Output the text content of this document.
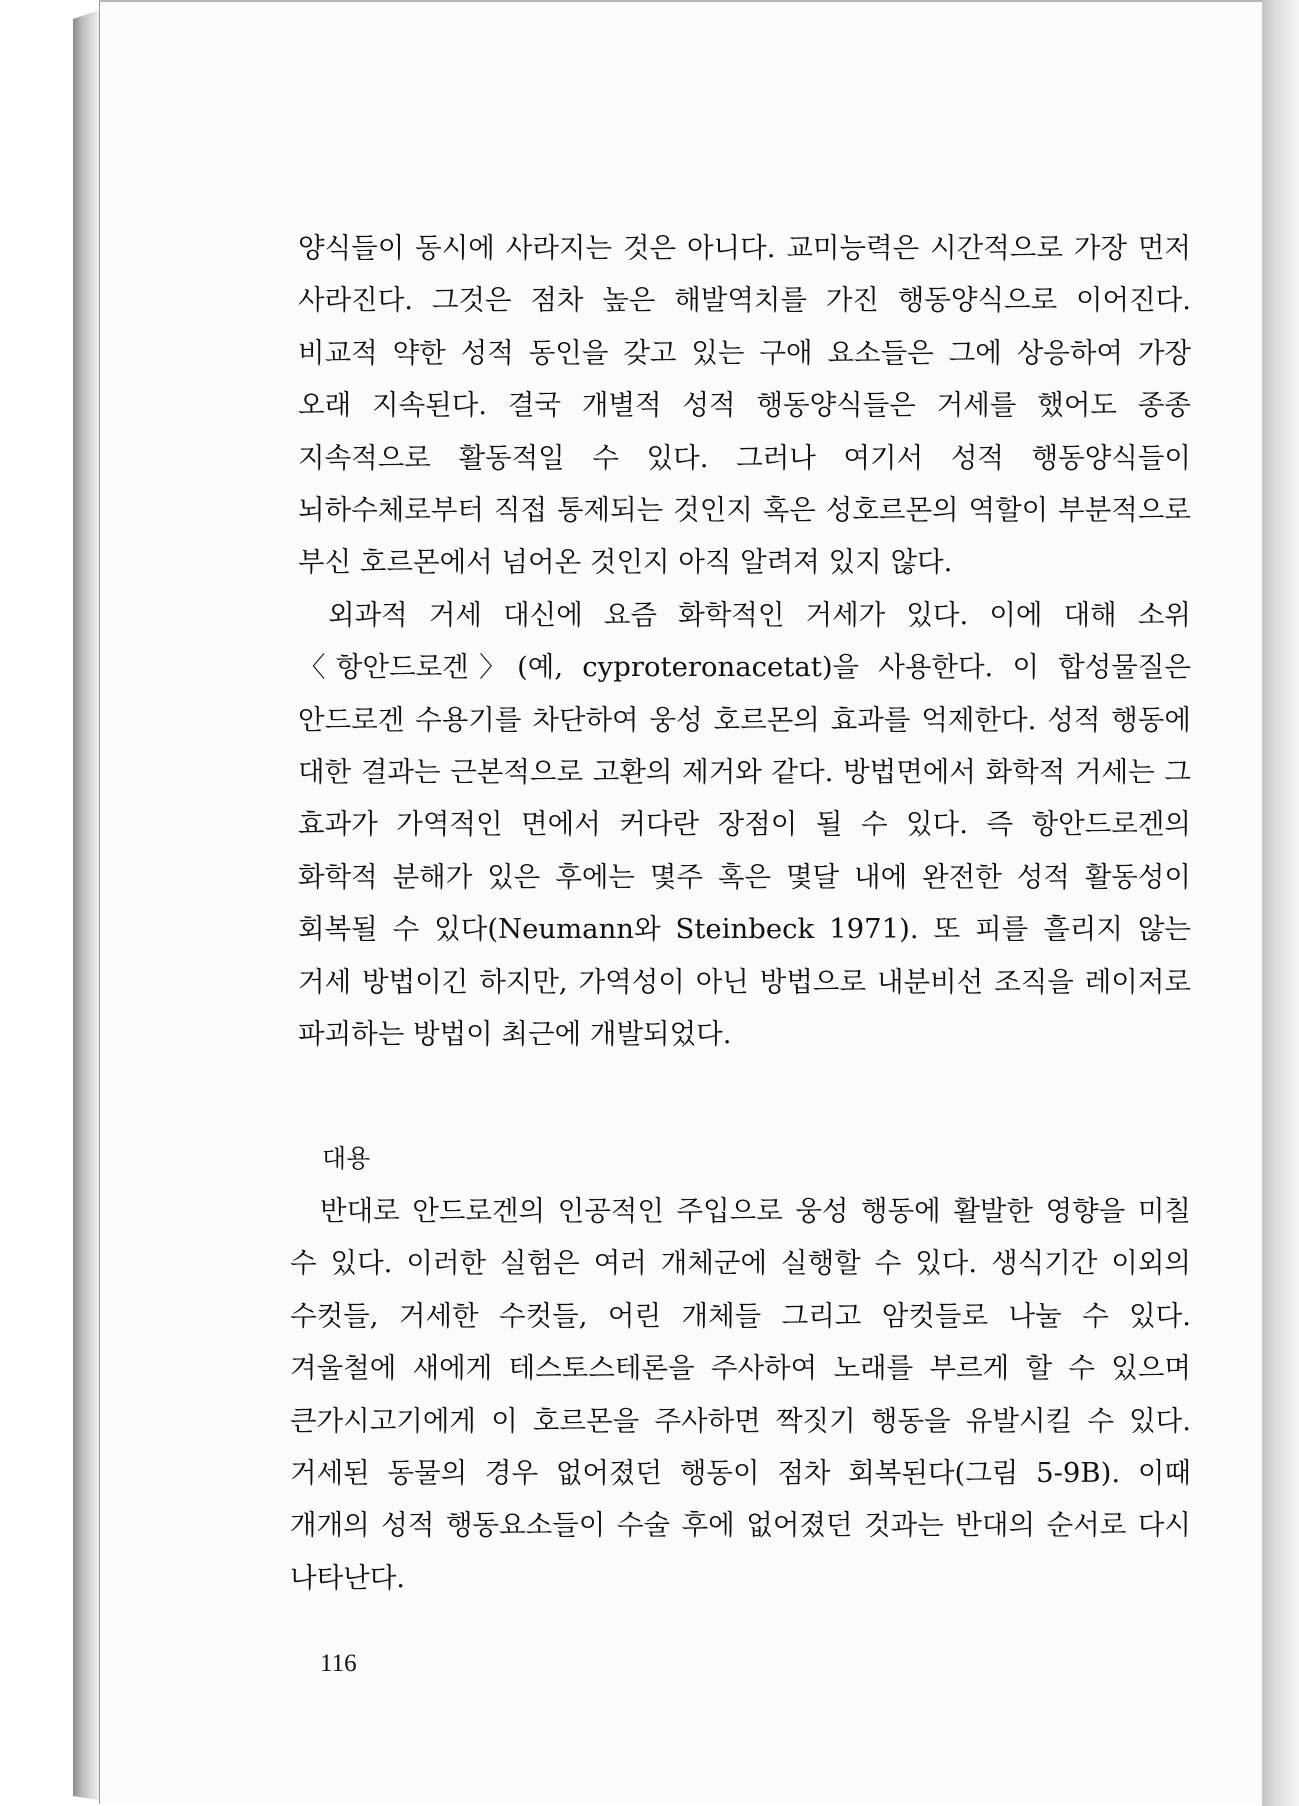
양식들이 동시에 사라지는 것은 아니다. 교미능력은 시간적으로 가장 먼저 사라진다. 그것은 점차 높은 해발역치를 가진 행동양식으로 이어진다. 비교적 약한 성적 동인을 갖고 있는 구애 요소들은 그에 상응하여 가장 오래 지속된다. 결국 개별적 성적 행동양식들은 거세를 했어도 종종 지속적으로 활동적일 수 있다. 그러나 여기서 성적 행동양식들이 뇌하수체로부터 직접 통제되는 것인지 혹은 성호르몬의 역할이 부분적으로 부신 호르몬에서 넘어온 것인지 아직 알려져 있지 않다.

외과적 거세 대신에 요즘 화학적인 거세가 있다. 이에 대해 소위 〈항안드로겐〉(예, cyproteronacetat)을 사용한다. 이 합성물질은 안드로겐 수용기를 차단하여 웅성 호르몬의 효과를 억제한다. 성적 행동에 대한 결과는 근본적으로 고환의 제거와 같다. 방법면에서 화학적 거세는 그 효과가 가역적인 면에서 커다란 장점이 될 수 있다. 즉 항안드로겐의 화학적 분해가 있은 후에는 몇주 혹은 몇달 내에 완전한 성적 활동성이 회복될 수 있다(Neumann와 Steinbeck 1971). 또 피를 흘리지 않는 거세 방법이긴 하지만, 가역성이 아닌 방법으로 내분비선 조직을 레이저로 파괴하는 방법이 최근에 개발되었다.

대용

반대로 안드로겐의 인공적인 주입으로 웅성 행동에 활발한 영향을 미칠 수 있다. 이러한 실험은 여러 개체군에 실행할 수 있다. 생식기간 이외의 수컷들, 거세한 수컷들, 어린 개체들 그리고 암컷들로 나눌 수 있다. 겨울철에 새에게 테스토스테론을 주사하여 노래를 부르게 할 수 있으며 큰가시고기에게 이 호르몬을 주사하면 짝짓기 행동을 유발시킬 수 있다. 거세된 동물의 경우 없어졌던 행동이 점차 회복된다(그림 5-9B). 이때 개개의 성적 행동요소들이 수술 후에 없어졌던 것과는 반대의 순서로 다시 나타난다.

116
